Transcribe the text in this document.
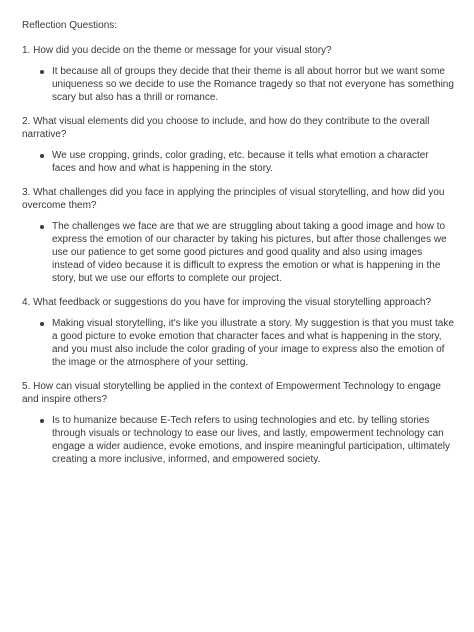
Reflection Questions:

1. How did you decide on the theme or message for your visual story?

It because all of groups they decide that their theme is all about horror but we want some uniqueness so we decide to use the Romance tragedy so that not everyone has something scary but also has a thrill or romance.

2. What visual elements did you choose to include, and how do they contribute to the overall narrative?

We use cropping, grinds, color grading, etc. because it tells what emotion a character faces and how and what is happening in the story.

3. What challenges did you face in applying the principles of visual storytelling, and how did you overcome them?

The challenges we face are that we are struggling about taking a good image and how to express the emotion of our character by taking his pictures, but after those challenges we use our patience to get some good pictures and good quality and also using images instead of video because it is difficult to express the emotion or what is happening in the story, but we use our efforts to complete our project.

4. What feedback or suggestions do you have for improving the visual storytelling approach?

Making visual storytelling, it's like you illustrate a story. My suggestion is that you must take a good picture to evoke emotion that character faces and what is happening in the story, and you must also include the color grading of your image to express also the emotion of the image or the atmosphere of your setting.

5. How can visual storytelling be applied in the context of Empowerment Technology to engage and inspire others?

Is to humanize because E-Tech refers to using technologies and etc. by telling stories through visuals or technology to ease our lives, and lastly, empowerment technology can engage a wider audience, evoke emotions, and inspire meaningful participation, ultimately creating a more inclusive, informed, and empowered society.
